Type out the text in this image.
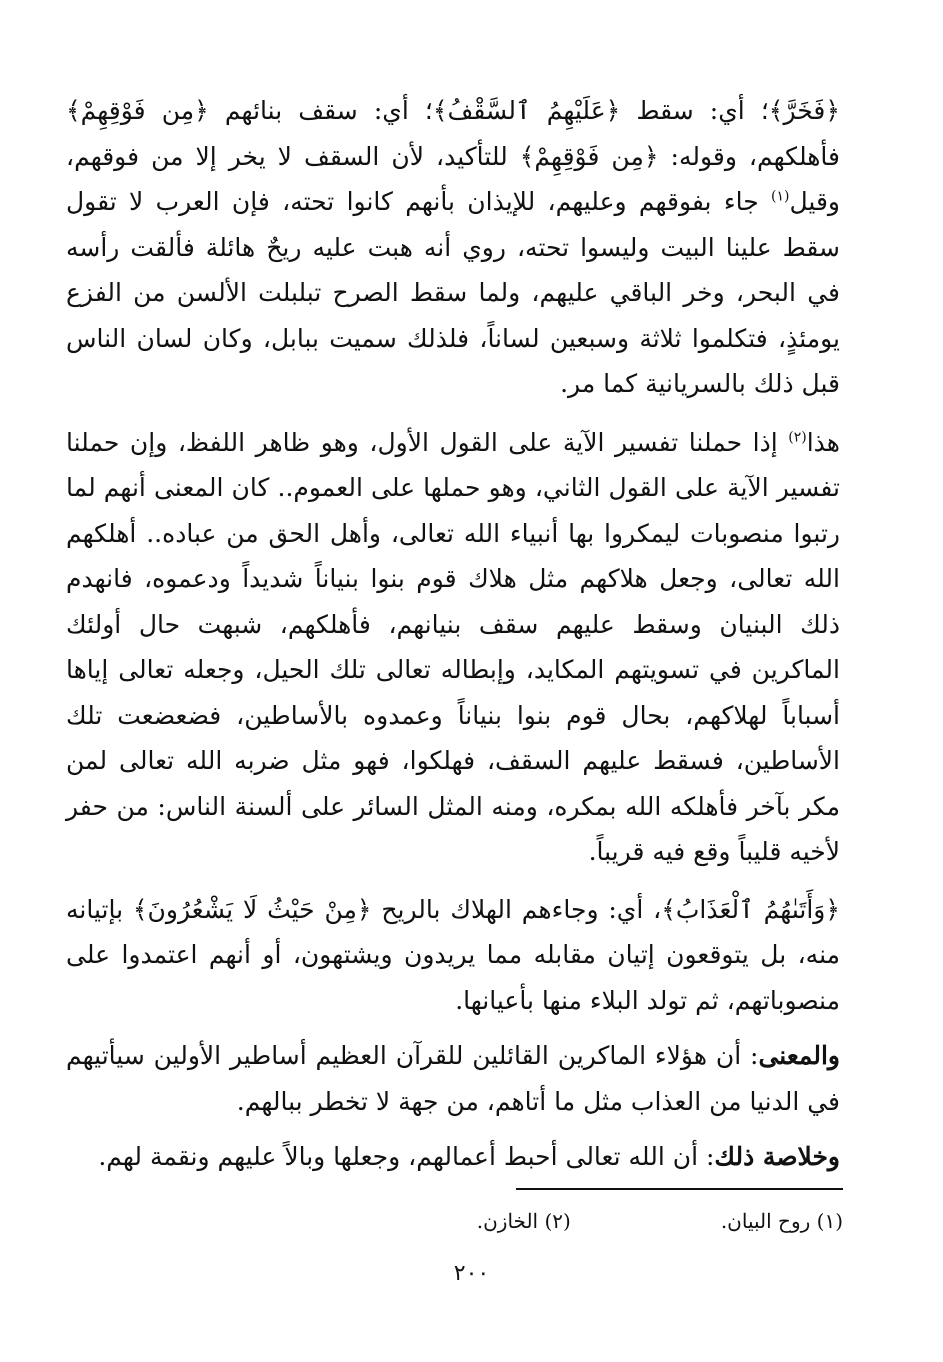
﴿فَخَرَّ﴾؛ أي: سقط ﴿عَلَيْهِمُ ٱلسَّقْفُ﴾؛ أي: سقف بنائهم ﴿مِن فَوْقِهِمْ﴾ فأهلكهم، وقوله: ﴿مِن فَوْقِهِمْ﴾ للتأكيد، لأن السقف لا يخر إلا من فوقهم، وقيل$^{(١)}$ جاء بفوقهم وعليهم، للإيذان بأنهم كانوا تحته، فإن العرب لا تقول سقط علينا البيت وليسوا تحته، روي أنه هبت عليه ريحٌ هائلة فألقت رأسه في البحر، وخر الباقي عليهم، ولما سقط الصرح تبلبلت الألسن من الفزع يومئذٍ، فتكلموا ثلاثة وسبعين لساناً، فلذلك سميت ببابل، وكان لسان الناس قبل ذلك بالسريانية كما مر.

هذا$^{(٢)}$ إذا حملنا تفسير الآية على القول الأول، وهو ظاهر اللفظ، وإن حملنا تفسير الآية على القول الثاني، وهو حملها على العموم.. كان المعنى أنهم لما رتبوا منصوبات ليمكروا بها أنبياء الله تعالى، وأهل الحق من عباده.. أهلكهم الله تعالى، وجعل هلاكهم مثل هلاك قوم بنوا بنياناً شديداً ودعموه، فانهدم ذلك البنيان وسقط عليهم سقف بنيانهم، فأهلكهم، شبهت حال أولئك الماكرين في تسويتهم المكايد، وإبطاله تعالى تلك الحيل، وجعله تعالى إياها أسباباً لهلاكهم، بحال قوم بنوا بنياناً وعمدوه بالأساطين، فضعضعت تلك الأساطين، فسقط عليهم السقف، فهلكوا، فهو مثل ضربه الله تعالى لمن مكر بآخر فأهلكه الله بمكره، ومنه المثل السائر على ألسنة الناس: من حفر لأخيه قليباً وقع فيه قريباً.

﴿وَأَتَىٰهُمُ ٱلْعَذَابُ﴾، أي: وجاءهم الهلاك بالريح ﴿مِنْ حَيْثُ لَا يَشْعُرُونَ﴾ بإتيانه منه، بل يتوقعون إتيان مقابله مما يريدون ويشتهون، أو أنهم اعتمدوا على منصوباتهم، ثم تولد البلاء منها بأعيانها.

والمعنى: أن هؤلاء الماكرين القائلين للقرآن العظيم أساطير الأولين سيأتيهم في الدنيا من العذاب مثل ما أتاهم، من جهة لا تخطر ببالهم.

وخلاصة ذلك: أن الله تعالى أحبط أعمالهم، وجعلها وبالاً عليهم ونقمة لهم.

(١) روح البيان.(٢) الخازن.
٢٠٠
